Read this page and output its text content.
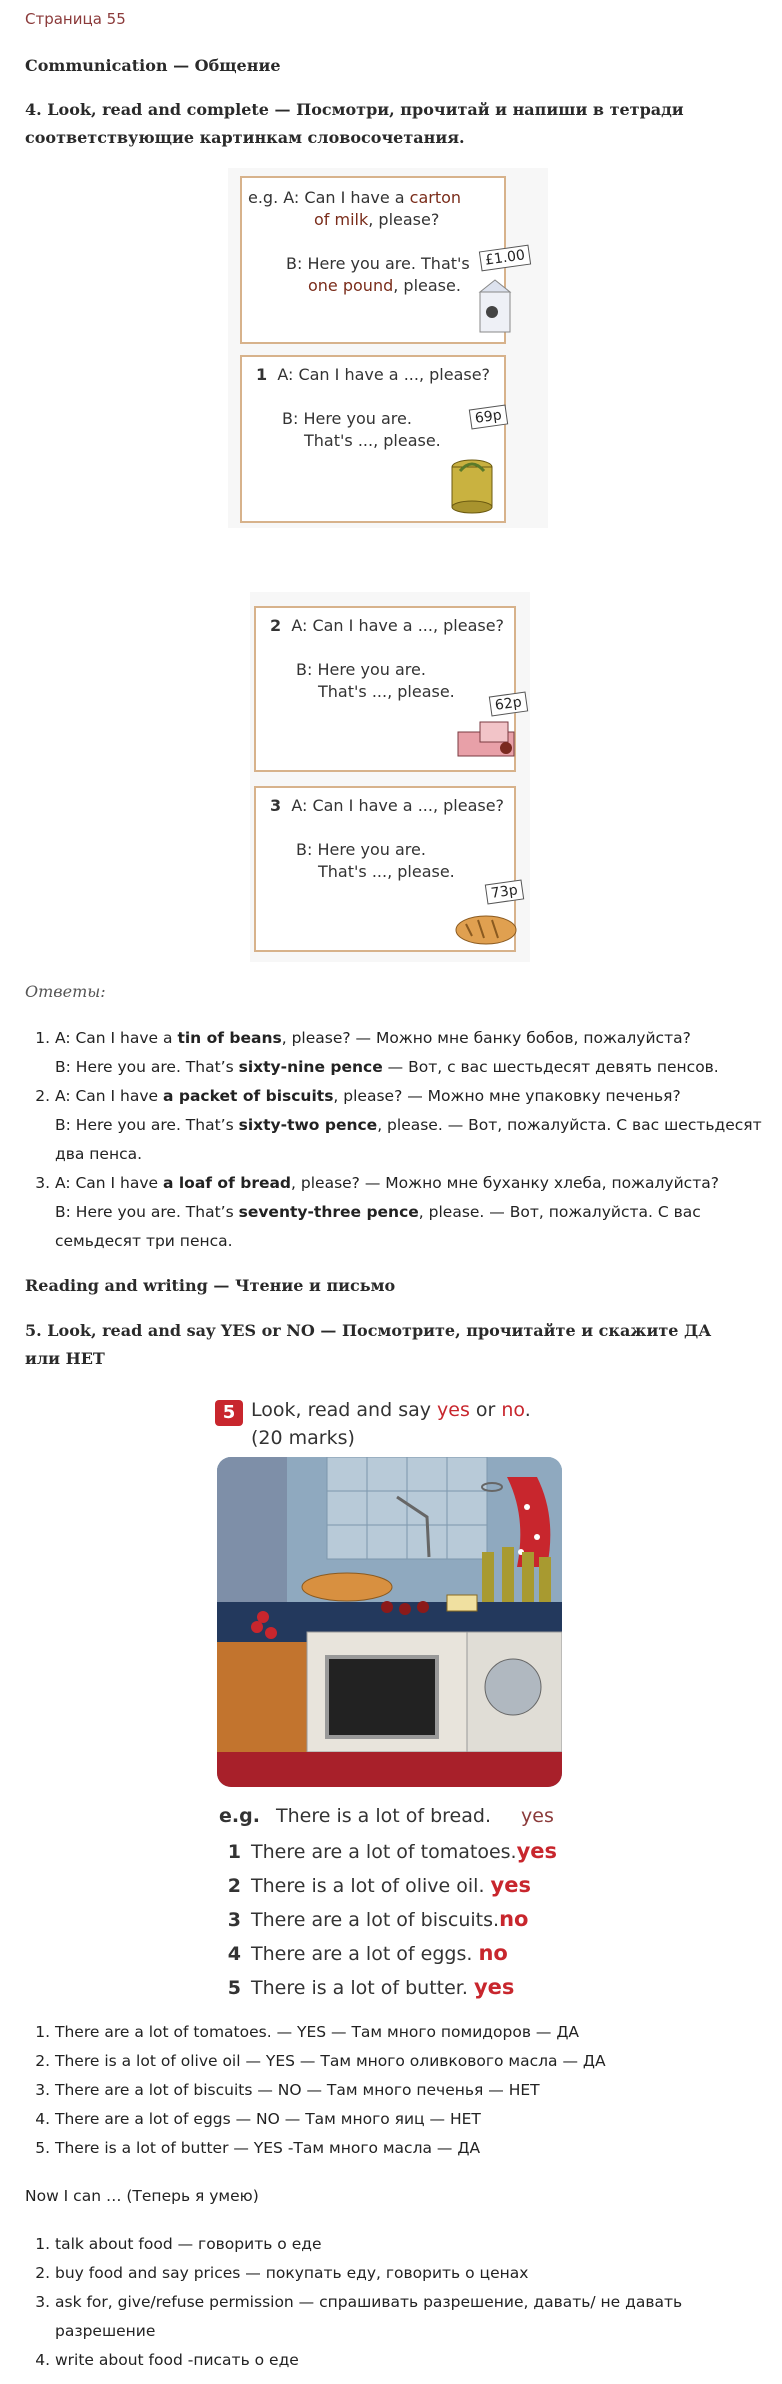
Страница 55
Communication — Общение
4. Look, read and complete — Посмотри, прочитай и напиши в тетради соответствующие картинкам словосочетания.
e.g. A: Can I have a carton
of milk, please?
B: Here you are. That's
one pound, please.
£1.00
1 A: Can I have a ..., please?
B: Here you are.
That's ..., please.
69p
2 A: Can I have a ..., please?
B: Here you are.
That's ..., please.
62p
3 A: Can I have a ..., please?
B: Here you are.
That's ..., please.
73p
Ответы:
1. A: Can I have a tin of beans, please? — Можно мне банку бобов, пожалуйста?
B: Here you are. That’s sixty-nine pence — Вот, с вас шестьдесят девять пенсов.
2. A: Can I have a packet of biscuits, please? — Можно мне упаковку печенья?
B: Here you are. That’s sixty-two pence, please. — Вот, пожалуйста. С вас шестьдесят два пенса.
3. A: Can I have a loaf of bread, please? — Можно мне буханку хлеба, пожалуйста?
B: Here you are. That’s seventy-three pence, please. — Вот, пожалуйста. С вас семьдесят три пенса.
Reading and writing — Чтение и письмо
5. Look, read and say YES or NO — Посмотрите, прочитайте и скажите ДА или НЕТ
5 Look, read and say yes or no.
(20 marks)
e.g. There is a lot of bread. yes
1 There are a lot of tomatoes.yes
2 There is a lot of olive oil. yes
3 There are a lot of biscuits.no
4 There are a lot of eggs. no
5 There is a lot of butter. yes
1. There are a lot of tomatoes. — YES — Там много помидоров — ДА
2. There is a lot of olive oil — YES — Там много оливкового масла — ДА
3. There are a lot of biscuits — NO — Там много печенья — НЕТ
4. There are a lot of eggs — NO — Там много яиц — НЕТ
5. There is a lot of butter — YES -Там много масла — ДА
Now I can … (Теперь я умею)
1. talk about food — говорить о еде
2. buy food and say prices — покупать еду, говорить о ценах
3. ask for, give/refuse permission — спрашивать разрешение, давать/ не давать разрешение
4. write about food -писать о еде
